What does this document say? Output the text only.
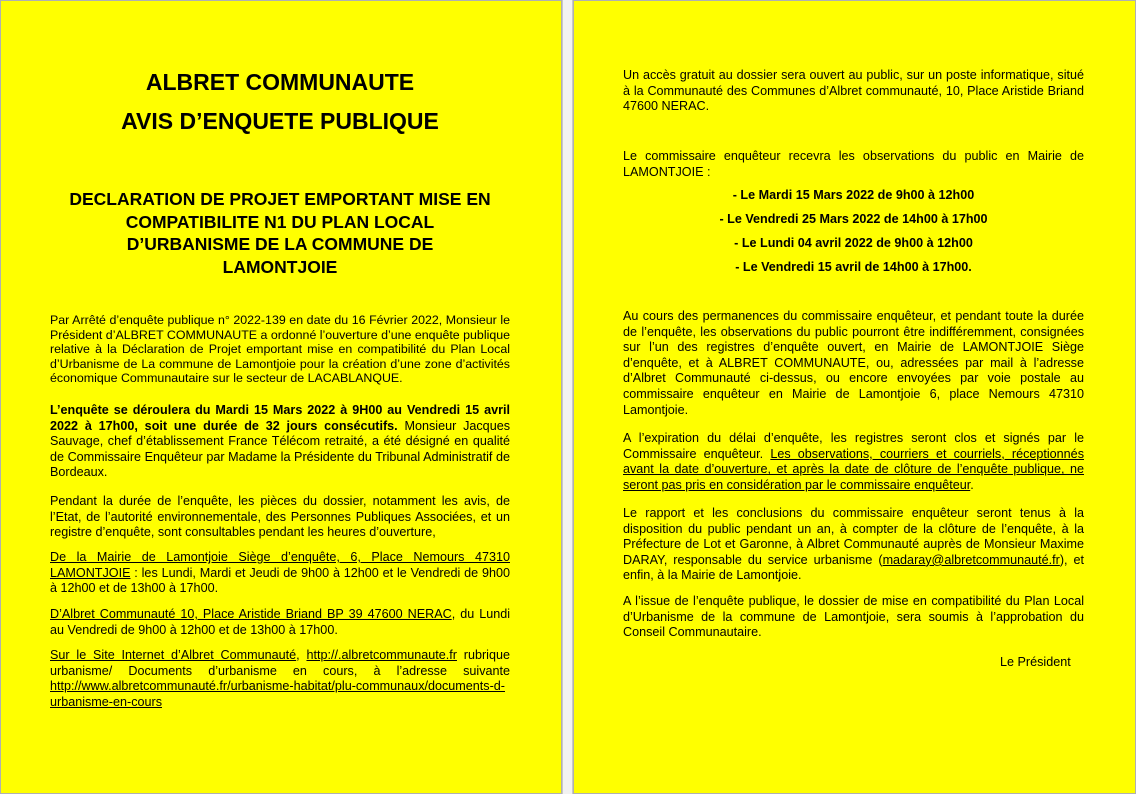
ALBRET COMMUNAUTE
AVIS D’ENQUETE PUBLIQUE
DECLARATION DE PROJET EMPORTANT MISE EN
COMPATIBILITE N1 DU PLAN LOCAL
D’URBANISME DE LA COMMUNE DE
LAMONTJOIE

Par Arrêté d’enquête publique n° 2022-139 en date du 16 Février 2022, Monsieur le Président d’ALBRET COMMUNAUTE a ordonné l’ouverture d’une enquête publique relative à la Déclaration de Projet emportant mise en compatibilité du Plan Local d’Urbanisme de La commune de Lamontjoie pour la création d’une zone d’activités économique Communautaire sur le secteur de LACABLANQUE.

L’enquête se déroulera du Mardi 15 Mars 2022 à 9H00 au Vendredi 15 avril 2022 à 17h00, soit une durée de 32 jours consécutifs. Monsieur Jacques Sauvage, chef d’établissement France Télécom retraité, a été désigné en qualité de Commissaire Enquêteur par Madame la Présidente du Tribunal Administratif de Bordeaux.

Pendant la durée de l’enquête, les pièces du dossier, notamment les avis, de l’Etat, de l’autorité environnementale, des Personnes Publiques Associées, et un registre d’enquête, sont consultables pendant les heures d’ouverture,

De la Mairie de Lamontjoie Siège d’enquête, 6, Place Nemours 47310 LAMONTJOIE : les Lundi, Mardi et Jeudi de 9h00 à 12h00 et le Vendredi de 9h00 à 12h00 et de 13h00 à 17h00.

D’Albret Communauté 10, Place Aristide Briand BP 39 47600 NERAC, du Lundi au Vendredi de 9h00 à 12h00 et de 13h00 à 17h00.

Sur le Site Internet d’Albret Communauté, http://.albretcommunaute.fr rubrique urbanisme/ Documents d’urbanisme en cours, à l’adresse suivante http://www.albretcommunauté.fr/urbanisme-habitat/plu-communaux/documents-d-urbanisme-en-cours

Un accès gratuit au dossier sera ouvert au public, sur un poste informatique, situé à la Communauté des Communes d’Albret communauté, 10, Place Aristide Briand 47600 NERAC.

Le commissaire enquêteur recevra les observations du public en Mairie de LAMONTJOIE :

- Le Mardi 15 Mars 2022 de 9h00 à 12h00
- Le Vendredi 25 Mars 2022 de 14h00 à 17h00
- Le Lundi 04 avril 2022 de 9h00 à 12h00
- Le Vendredi 15 avril de 14h00 à 17h00.

Au cours des permanences du commissaire enquêteur, et pendant toute la durée de l’enquête, les observations du public pourront être indifféremment, consignées sur l’un des registres d’enquête ouvert, en Mairie de LAMONTJOIE Siège d’enquête, et à ALBRET COMMUNAUTE, ou, adressées par mail à l’adresse d’Albret Communauté ci-dessus, ou encore envoyées par voie postale au commissaire enquêteur en Mairie de Lamontjoie 6, place Nemours 47310 Lamontjoie.

A l’expiration du délai d’enquête, les registres seront clos et signés par le Commissaire enquêteur. Les observations, courriers et courriels, réceptionnés avant la date d’ouverture, et après la date de clôture de l’enquête publique, ne seront pas pris en considération par le commissaire enquêteur.

Le rapport et les conclusions du commissaire enquêteur seront tenus à la disposition du public pendant un an, à compter de la clôture de l’enquête, à la Préfecture de Lot et Garonne, à Albret Communauté auprès de Monsieur Maxime DARAY, responsable du service urbanisme (madaray@albretcommunauté.fr), et enfin, à la Mairie de Lamontjoie.

A l’issue de l’enquête publique, le dossier de mise en compatibilité du Plan Local d’Urbanisme de la commune de Lamontjoie, sera soumis à l’approbation du Conseil Communautaire.

Le Président
